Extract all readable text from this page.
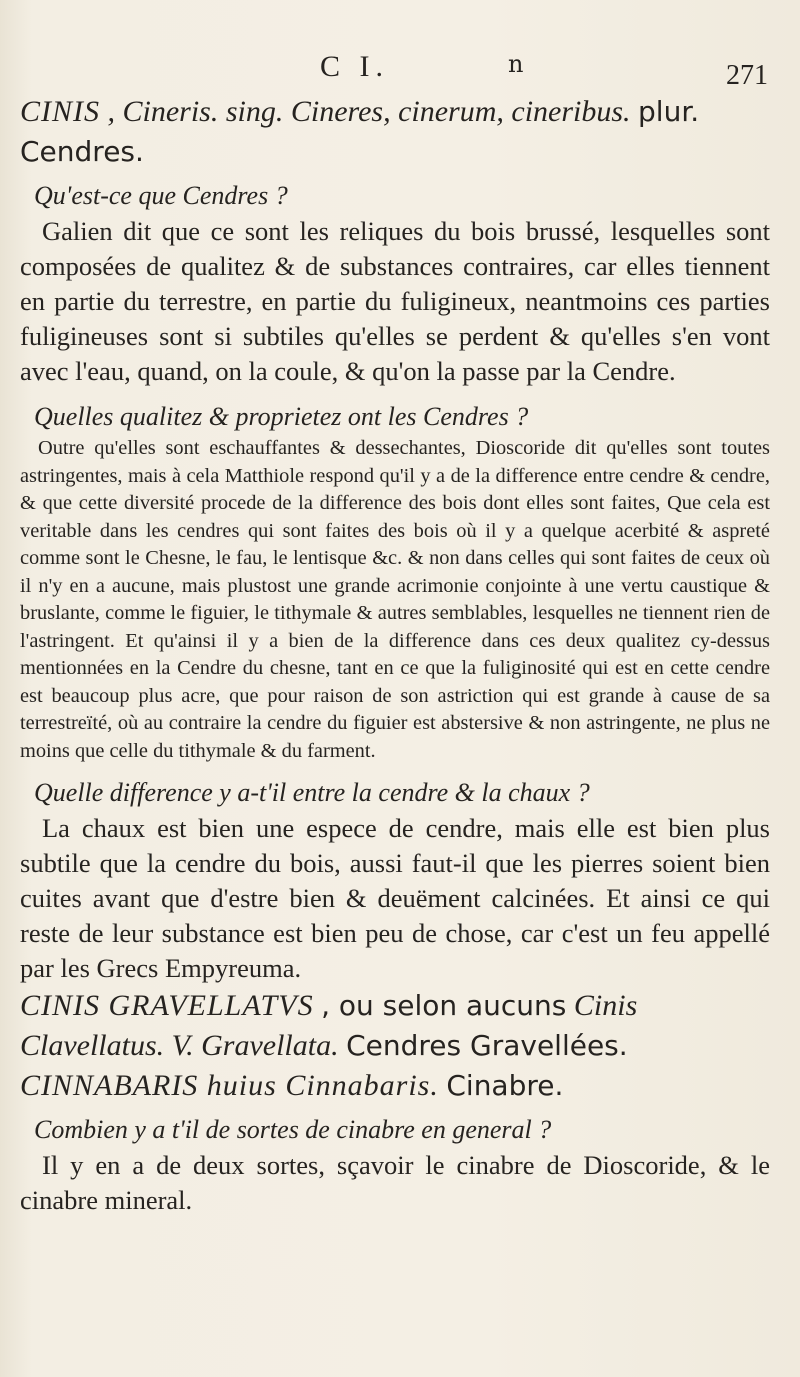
C I.	n	271

CINIS , Cineris. sing. Cineres, cinerum, cineribus. plur. Cendres.

Qu'est-ce que Cendres ?

Galien dit que ce sont les reliques du bois brussé, lesquelles sont composées de qualitez & de substances contraires, car elles tiennent en partie du terrestre, en partie du fuligineux, neantmoins ces parties fuligineuses sont si subtiles qu'elles se perdent & qu'elles s'en vont avec l'eau, quand, on la coule, & qu'on la passe par la Cendre.

Quelles qualitez & proprietez ont les Cendres ?

Outre qu'elles sont eschauffantes & dessechantes, Dioscoride dit qu'elles sont toutes astringentes, mais à cela Matthiole respond qu'il y a de la difference entre cendre & cendre, & que cette diversité procede de la difference des bois dont elles sont faites, Que cela est veritable dans les cendres qui sont faites des bois où il y a quelque acerbité & aspreté comme sont le Chesne, le fau, le lentisque &c. & non dans celles qui sont faites de ceux où il n'y en a aucune, mais plustost une grande acrimonie conjointe à une vertu caustique & bruslante, comme le figuier, le tithymale & autres semblables, lesquelles ne tiennent rien de l'astringent. Et qu'ainsi il y a bien de la difference dans ces deux qualitez cy-dessus mentionnées en la Cendre du chesne, tant en ce que la fuliginosité qui est en cette cendre est beaucoup plus acre, que pour raison de son astriction qui est grande à cause de sa terrestreïté, où au contraire la cendre du figuier est abstersive & non astringente, ne plus ne moins que celle du tithymale & du farment.

Quelle difference y a-t'il entre la cendre & la chaux ?

La chaux est bien une espece de cendre, mais elle est bien plus subtile que la cendre du bois, aussi faut-il que les pierres soient bien cuites avant que d'estre bien & deuëment calcinées. Et ainsi ce qui reste de leur substance est bien peu de chose, car c'est un feu appellé par les Grecs Empyreuma.

CINIS GRAVELLATVS , ou selon aucuns Cinis Clavellatus. V. Gravellata. Cendres Gravellées.

CINNABARIS huius Cinnabaris. Cinabre.

Combien y a t'il de sortes de cinabre en general ?

Il y en a de deux sortes, sçavoir le cinabre de Dioscoride, & le cinabre mineral.
